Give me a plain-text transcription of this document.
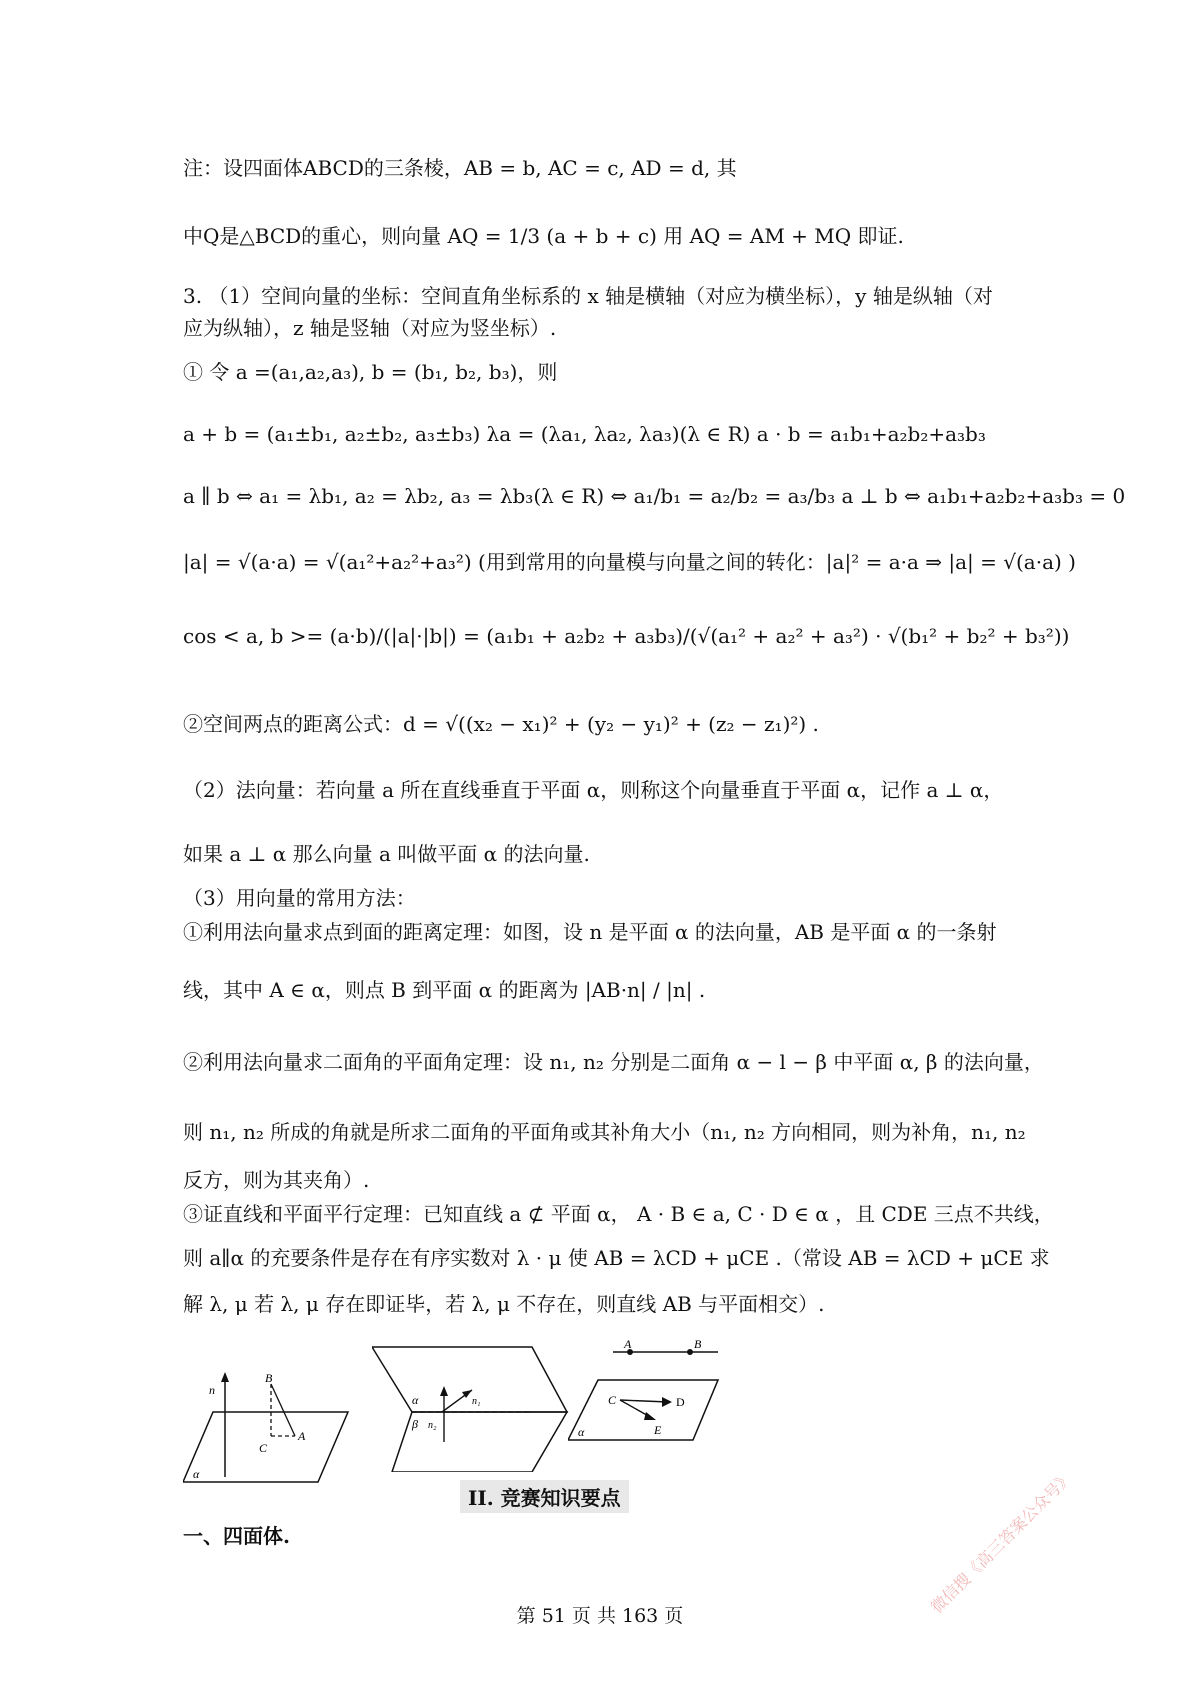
注：设四面体ABCD的三条棱，AB = b, AC = c, AD = d, 其
中Q是△BCD的重心，则向量 AQ = 1/3 (a + b + c) 用 AQ = AM + MQ 即证.
3. （1）空间向量的坐标：空间直角坐标系的 x 轴是横轴（对应为横坐标），y 轴是纵轴（对
应为纵轴），z 轴是竖轴（对应为竖坐标）.
① 令 a =(a₁,a₂,a₃), b = (b₁, b₂, b₃)，则
a + b = (a₁±b₁, a₂±b₂, a₃±b₃) λa = (λa₁, λa₂, λa₃)(λ ∈ R) a · b = a₁b₁+a₂b₂+a₃b₃
a ∥ b ⇔ a₁ = λb₁, a₂ = λb₂, a₃ = λb₃(λ ∈ R) ⇔ a₁/b₁ = a₂/b₂ = a₃/b₃ a ⊥ b ⇔ a₁b₁+a₂b₂+a₃b₃ = 0
|a| = √(a·a) = √(a₁²+a₂²+a₃²) (用到常用的向量模与向量之间的转化：|a|² = a·a ⇒ |a| = √(a·a) )
cos < a, b >= (a·b)/(|a|·|b|) = (a₁b₁ + a₂b₂ + a₃b₃)/(√(a₁² + a₂² + a₃²) · √(b₁² + b₂² + b₃²))
②空间两点的距离公式：d = √((x₂ − x₁)² + (y₂ − y₁)² + (z₂ − z₁)²) .
（2）法向量：若向量 a 所在直线垂直于平面 α，则称这个向量垂直于平面 α，记作 a ⊥ α，
如果 a ⊥ α 那么向量 a 叫做平面 α 的法向量.
（3）用向量的常用方法：
①利用法向量求点到面的距离定理：如图，设 n 是平面 α 的法向量，AB 是平面 α 的一条射
线，其中 A ∈ α，则点 B 到平面 α 的距离为 |AB·n| / |n| .
②利用法向量求二面角的平面角定理：设 n₁, n₂ 分别是二面角 α − l − β 中平面 α, β 的法向量，
则 n₁, n₂ 所成的角就是所求二面角的平面角或其补角大小（n₁, n₂ 方向相同，则为补角，n₁, n₂
反方，则为其夹角）.
③证直线和平面平行定理：已知直线 a ⊄ 平面 α， A · B ∈ a, C · D ∈ α ，且 CDE 三点不共线，
则 a∥α 的充要条件是存在有序实数对 λ · μ 使 AB = λCD + μCE .（常设 AB = λCD + μCE 求
解 λ, μ 若 λ, μ 存在即证毕，若 λ, μ 不存在，则直线 AB 与平面相交）.
n
B
C
A
α
α
β
n₁
n₂
A	B
C	D
E
α
II. 竞赛知识要点
一、四面体.
第 51 页 共 163 页	微信搜《高三答案公众号》
